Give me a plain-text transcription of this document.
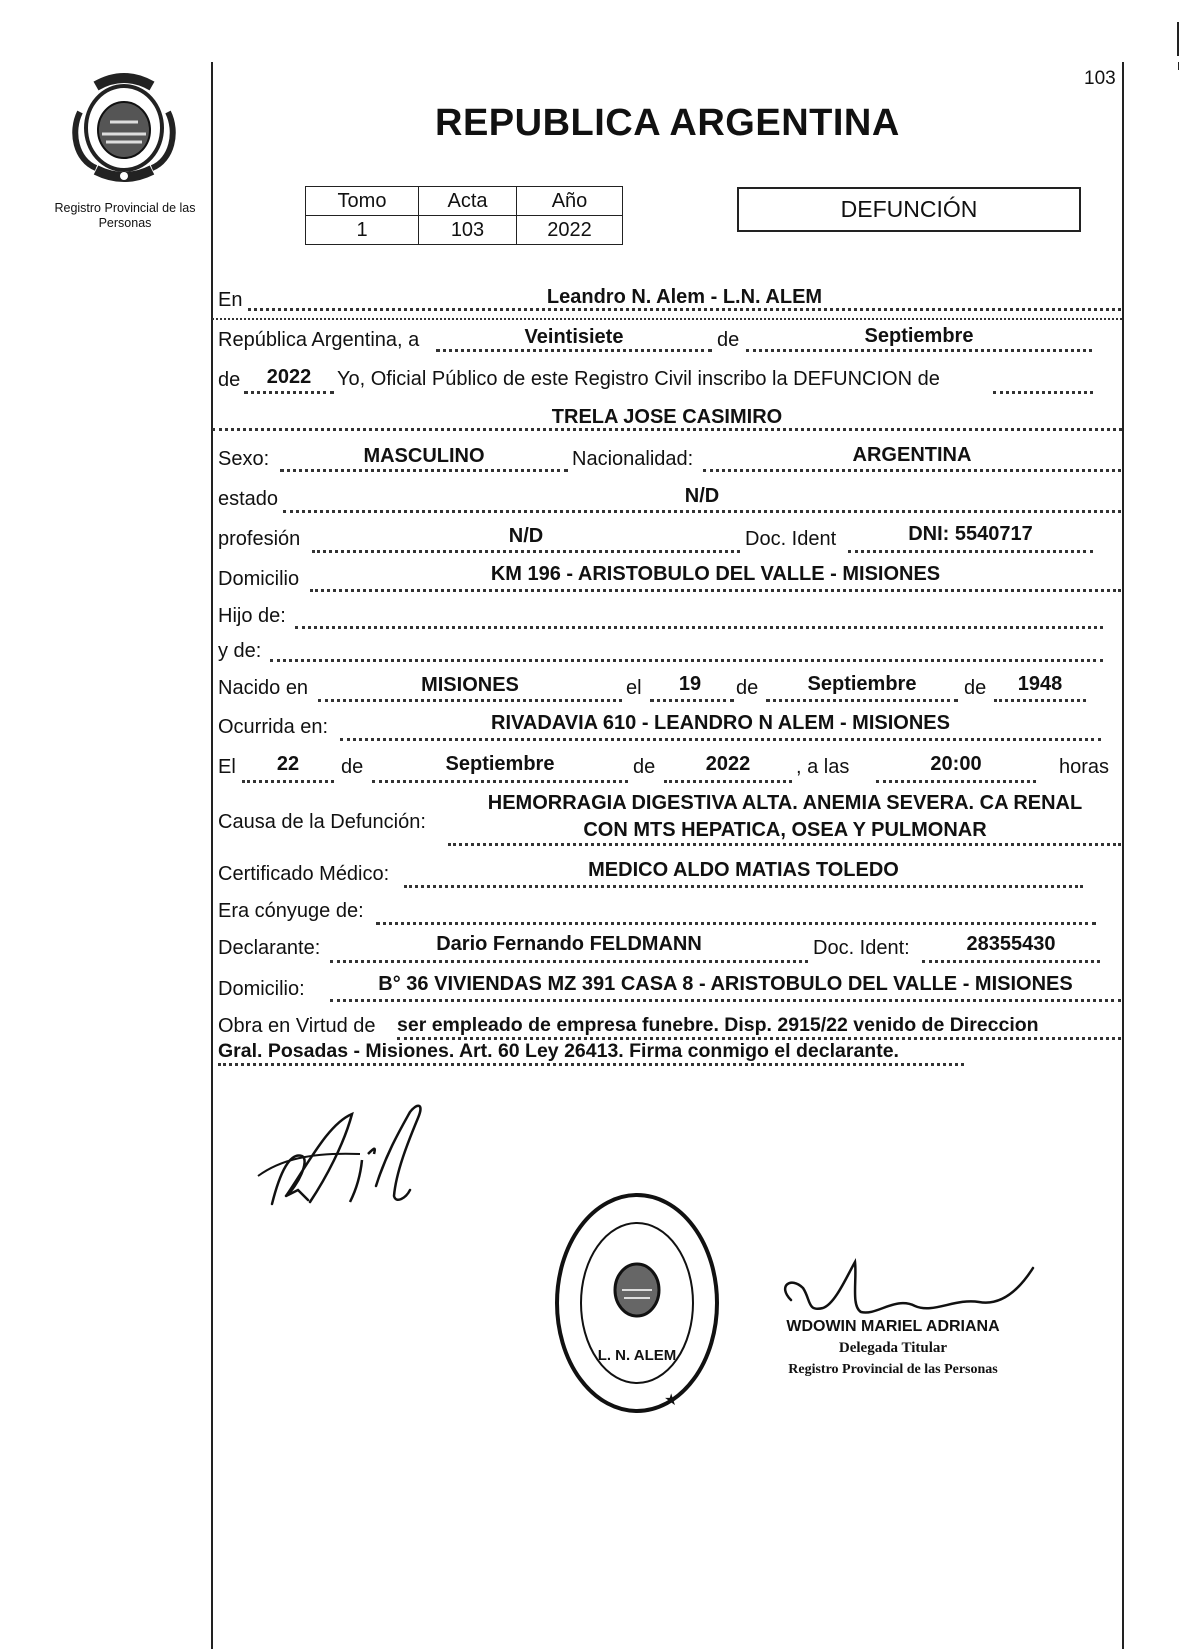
Registro Provincial de las Personas
REPUBLICA ARGENTINA
103
Tomo	Acta	Año
1	103	2022
DEFUNCIÓN
En	Leandro N. Alem - L.N. ALEM
República Argentina, a	Veintisiete	de	Septiembre
de	2022	Yo, Oficial Público de este Registro Civil inscribo la DEFUNCION de
TRELA JOSE CASIMIRO
Sexo:	MASCULINO	Nacionalidad:	ARGENTINA
estado	N/D
profesión	N/D	Doc. Ident	DNI: 5540717
Domicilio	KM 196 - ARISTOBULO DEL VALLE - MISIONES
Hijo de:
y de:
Nacido en	MISIONES	el	19	de	Septiembre	de	1948
Ocurrida en:	RIVADAVIA 610 - LEANDRO N ALEM - MISIONES
El	22	de	Septiembre	de	2022	, a las	20:00	horas
Causa de la Defunción:
HEMORRAGIA DIGESTIVA ALTA. ANEMIA SEVERA. CA RENAL
CON MTS HEPATICA, OSEA Y PULMONAR
Certificado Médico:	MEDICO ALDO MATIAS TOLEDO
Era cónyuge de:
Declarante:	Dario Fernando FELDMANN	Doc. Ident:	28355430
Domicilio:	B° 36 VIVIENDAS MZ 391 CASA 8 - ARISTOBULO DEL VALLE - MISIONES
Obra en Virtud de ser empleado de empresa funebre. Disp. 2915/22 venido de Direccion
Gral. Posadas - Misiones. Art. 60 Ley 26413. Firma conmigo el declarante.
L. N. ALEM
★
WDOWIN MARIEL ADRIANA
Delegada Titular
Registro Provincial de las Personas
